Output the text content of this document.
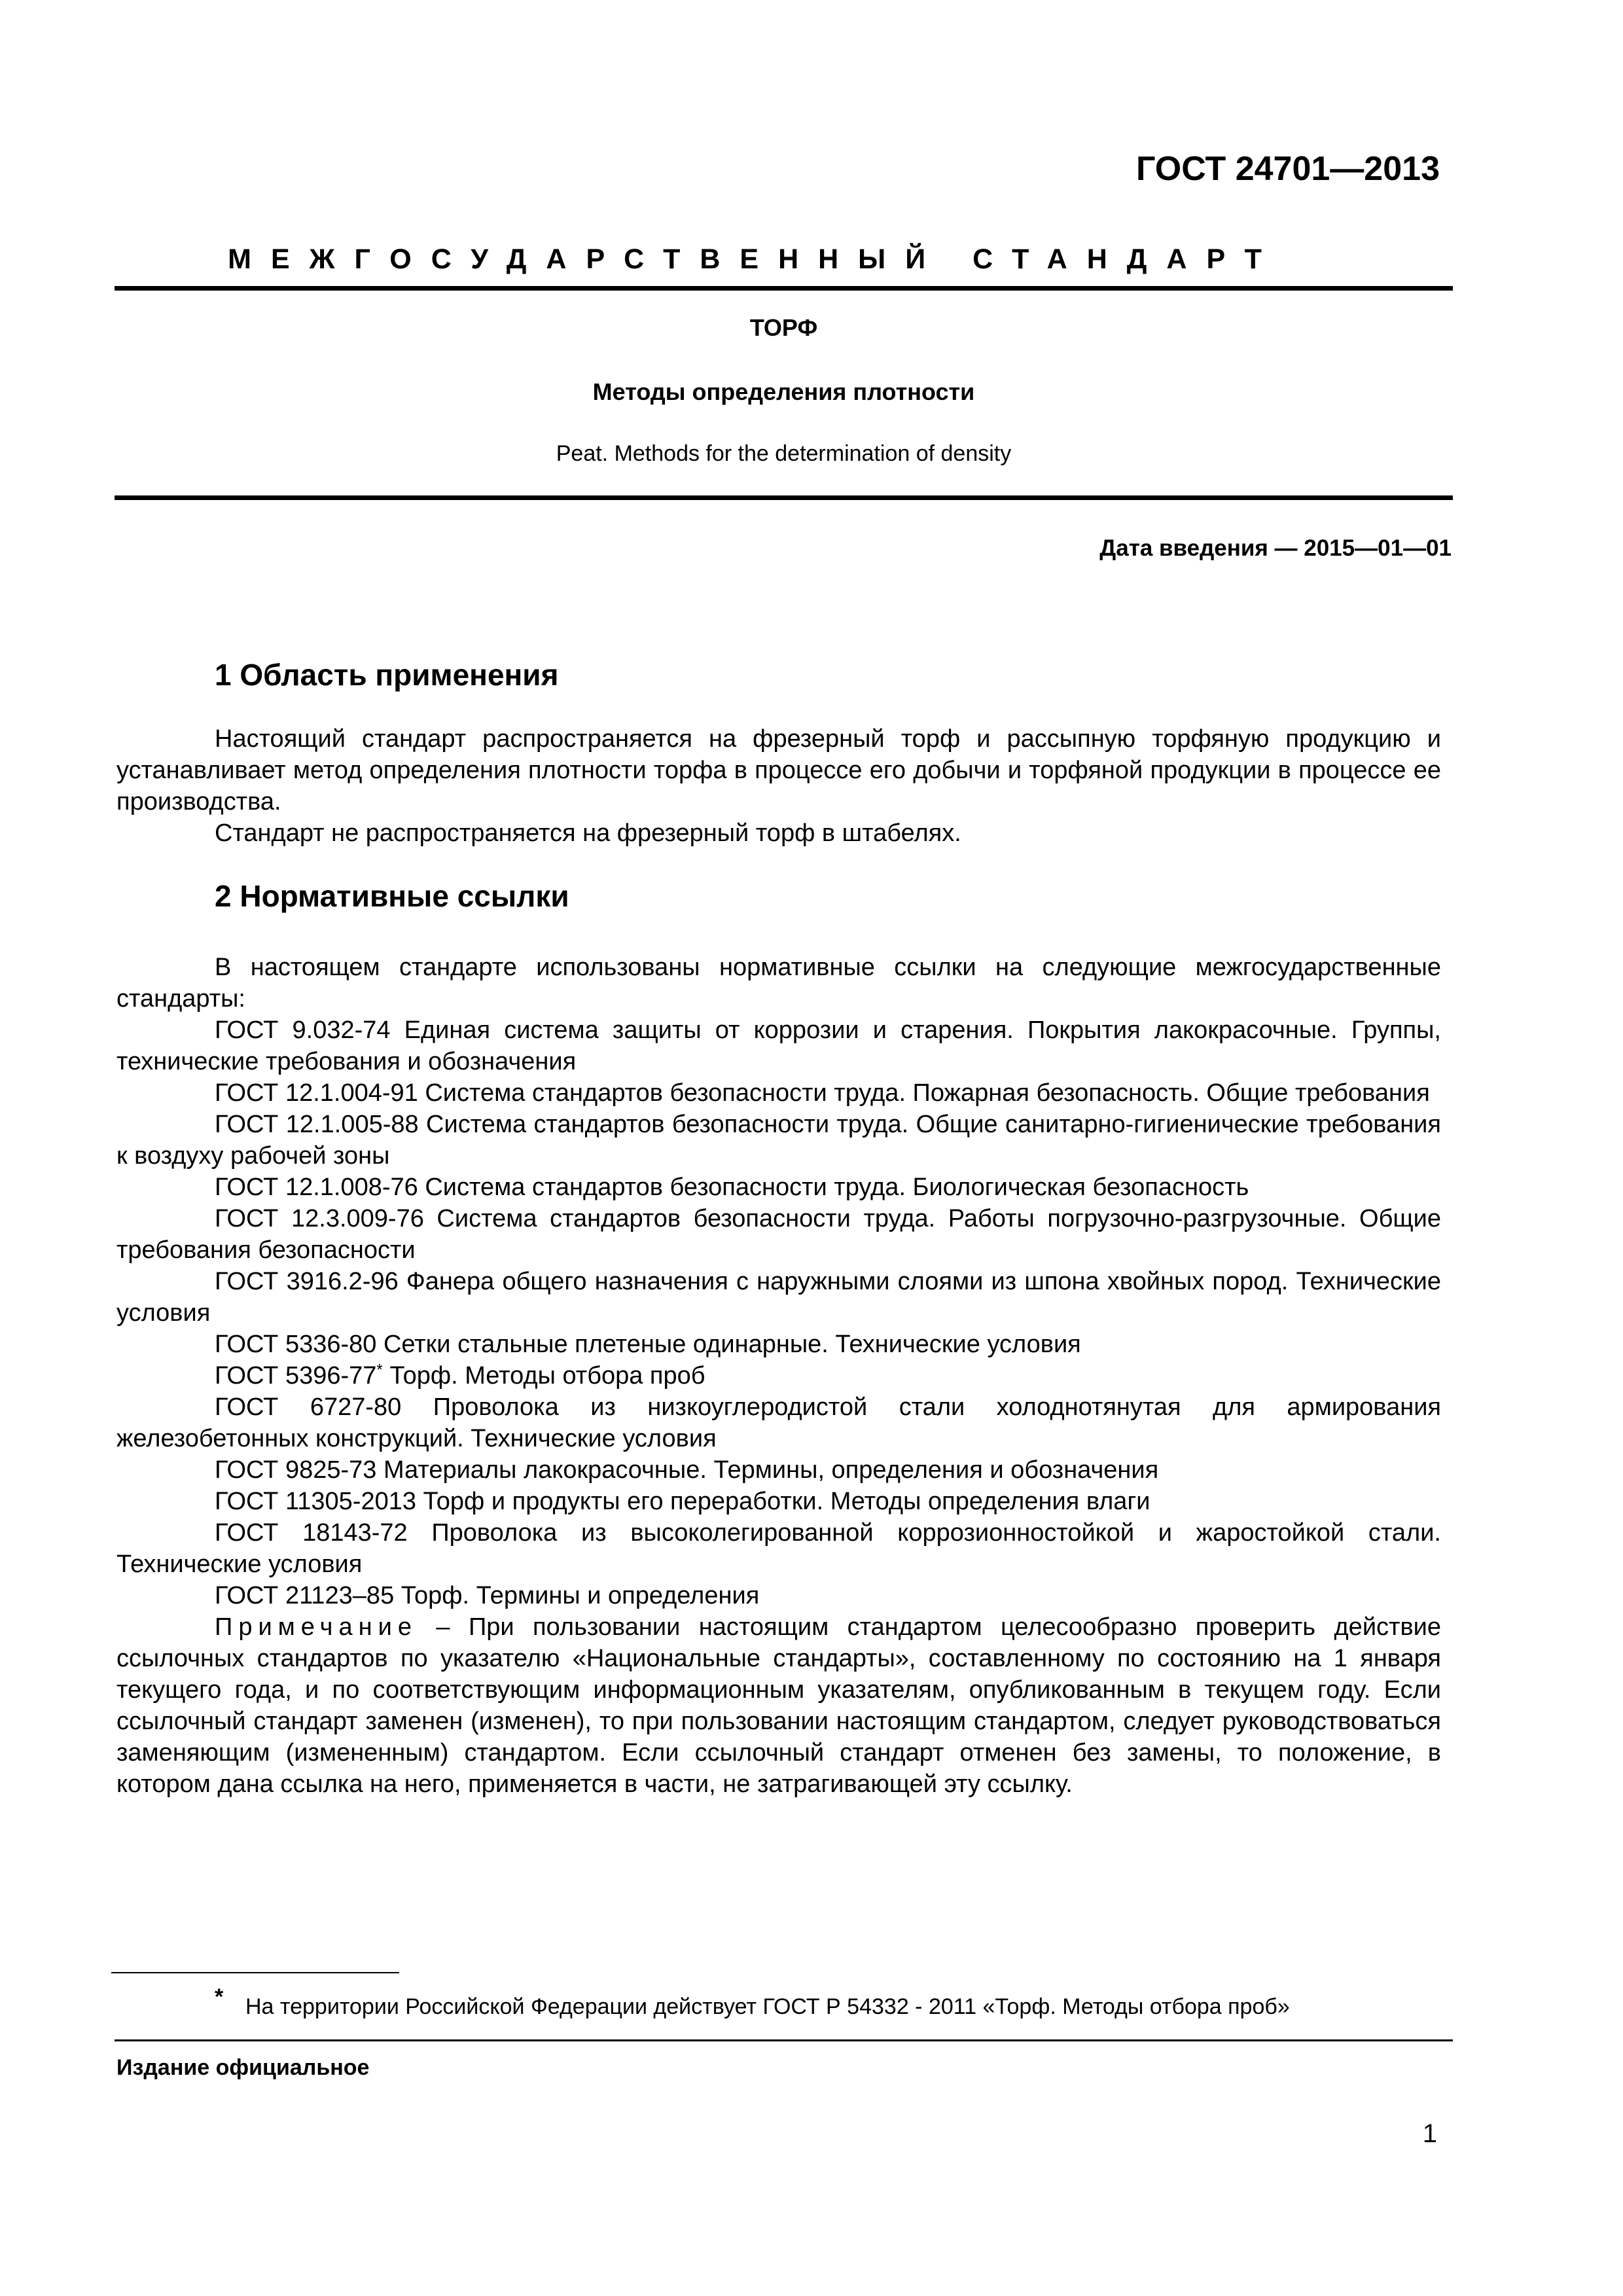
ГОСТ 24701—2013
МЕЖГОСУДАРСТВЕННЫЙ СТАНДАРТ
ТОРФ
Методы определения плотности
Peat. Methods for the determination of density
Дата введения — 2015—01—01
1 Область применения

Настоящий стандарт распространяется на фрезерный торф и рассыпную торфяную продукцию и устанавливает метод определения плотности торфа в процессе его добычи и торфяной продукции в процессе ее производства.

Стандарт не распространяется на фрезерный торф в штабелях.

2 Нормативные ссылки

В настоящем стандарте использованы нормативные ссылки на следующие межгосударственные стандарты:

ГОСТ 9.032-74 Единая система защиты от коррозии и старения. Покрытия лакокрасочные. Группы, технические требования и обозначения

ГОСТ 12.1.004-91 Система стандартов безопасности труда. Пожарная безопасность. Общие требования

ГОСТ 12.1.005-88 Система стандартов безопасности труда. Общие санитарно-гигиенические требования к воздуху рабочей зоны

ГОСТ 12.1.008-76 Система стандартов безопасности труда. Биологическая безопасность

ГОСТ 12.3.009-76 Система стандартов безопасности труда. Работы погрузочно-разгрузочные. Общие требования безопасности

ГОСТ 3916.2-96 Фанера общего назначения с наружными слоями из шпона хвойных пород. Технические условия

ГОСТ 5336-80 Сетки стальные плетеные одинарные. Технические условия

ГОСТ 5396-77* Торф. Методы отбора проб

ГОСТ 6727-80 Проволока из низкоуглеродистой стали холоднотянутая для армирования железобетонных конструкций. Технические условия

ГОСТ 9825-73 Материалы лакокрасочные. Термины, определения и обозначения

ГОСТ 11305-2013 Торф и продукты его переработки. Методы определения влаги

ГОСТ 18143-72 Проволока из высоколегированной коррозионностойкой и жаростойкой стали. Технические условия

ГОСТ 21123–85 Торф. Термины и определения

Примечание – При пользовании настоящим стандартом целесообразно проверить действие ссылочных стандартов по указателю «Национальные стандарты», составленному по состоянию на 1 января текущего года, и по соответствующим информационным указателям, опубликованным в текущем году. Если ссылочный стандарт заменен (изменен), то при пользовании настоящим стандартом, следует руководствоваться заменяющим (измененным) стандартом. Если ссылочный стандарт отменен без замены, то положение, в котором дана ссылка на него, применяется в части, не затрагивающей эту ссылку.

* На территории Российской Федерации действует ГОСТ Р 54332 - 2011 «Торф. Методы отбора проб»
Издание официальное
1
